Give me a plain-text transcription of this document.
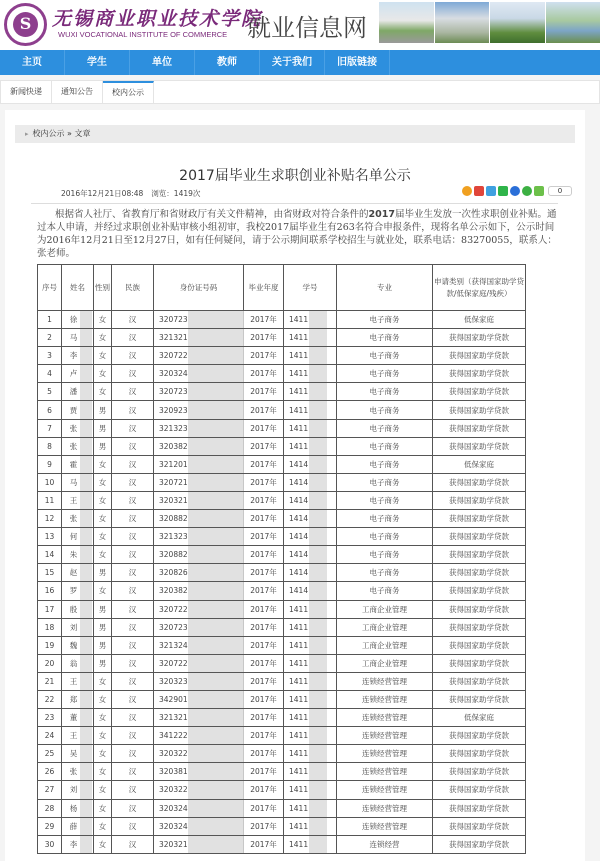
S	无锡商业职业技术学院
WUXI VOCATIONAL INSTITUTE OF COMMERCE 就业信息网
主页	学生	单位	教师	关于我们	旧版链接
新闻快递	通知公告	校内公示
▸ 校内公示 » 文章
2017届毕业生求职创业补贴名单公示
2016年12月21日08:48 浏览：1419次	0
根据省人社厅、省教育厅和省财政厅有关文件精神，由省财政对符合条件的2017届毕业生发放一次性求职创业补贴。通过本人申请，并经过求职创业补贴审核小组初审，我校2017届毕业生有263名符合申报条件，现将名单公示如下，公示时间为2016年12月21日至12月27日，如有任何疑问，请于公示期间联系学校招生与就业处，联系电话：83270055，联系人：张老师。
序号	姓名	性别	民族	身份证号码	毕业年度	学号	专业	申请类别（获得国家助学贷款/低保家庭/残疾）
1	徐	女	汉	320723	2017年	1411	电子商务	低保家庭
2	马	女	汉	321321	2017年	1411	电子商务	获得国家助学贷款
3	李	女	汉	320722	2017年	1411	电子商务	获得国家助学贷款
4	卢	女	汉	320324	2017年	1411	电子商务	获得国家助学贷款
5	潘	女	汉	320723	2017年	1411	电子商务	获得国家助学贷款
6	贾	男	汉	320923	2017年	1411	电子商务	获得国家助学贷款
7	张	男	汉	321323	2017年	1411	电子商务	获得国家助学贷款
8	张	男	汉	320382	2017年	1411	电子商务	获得国家助学贷款
9	霍	女	汉	321201	2017年	1414	电子商务	低保家庭
10	马	女	汉	320721	2017年	1414	电子商务	获得国家助学贷款
11	王	女	汉	320321	2017年	1414	电子商务	获得国家助学贷款
12	张	女	汉	320882	2017年	1414	电子商务	获得国家助学贷款
13	何	女	汉	321323	2017年	1414	电子商务	获得国家助学贷款
14	朱	女	汉	320882	2017年	1414	电子商务	获得国家助学贷款
15	赵	男	汉	320826	2017年	1414	电子商务	获得国家助学贷款
16	罗	女	汉	320382	2017年	1414	电子商务	获得国家助学贷款
17	殷	男	汉	320722	2017年	1411	工商企业管理	获得国家助学贷款
18	刘	男	汉	320723	2017年	1411	工商企业管理	获得国家助学贷款
19	魏	男	汉	321324	2017年	1411	工商企业管理	获得国家助学贷款
20	翁	男	汉	320722	2017年	1411	工商企业管理	获得国家助学贷款
21	王	女	汉	320323	2017年	1411	连锁经营管理	获得国家助学贷款
22	郑	女	汉	342901	2017年	1411	连锁经营管理	获得国家助学贷款
23	董	女	汉	321321	2017年	1411	连锁经营管理	低保家庭
24	王	女	汉	341222	2017年	1411	连锁经营管理	获得国家助学贷款
25	吴	女	汉	320322	2017年	1411	连锁经营管理	获得国家助学贷款
26	张	女	汉	320381	2017年	1411	连锁经营管理	获得国家助学贷款
27	刘	女	汉	320322	2017年	1411	连锁经营管理	获得国家助学贷款
28	杨	女	汉	320324	2017年	1411	连锁经营管理	获得国家助学贷款
29	薛	女	汉	320324	2017年	1411	连锁经营管理	获得国家助学贷款
30	李	女	汉	320321	2017年	1411	连锁经营	获得国家助学贷款
